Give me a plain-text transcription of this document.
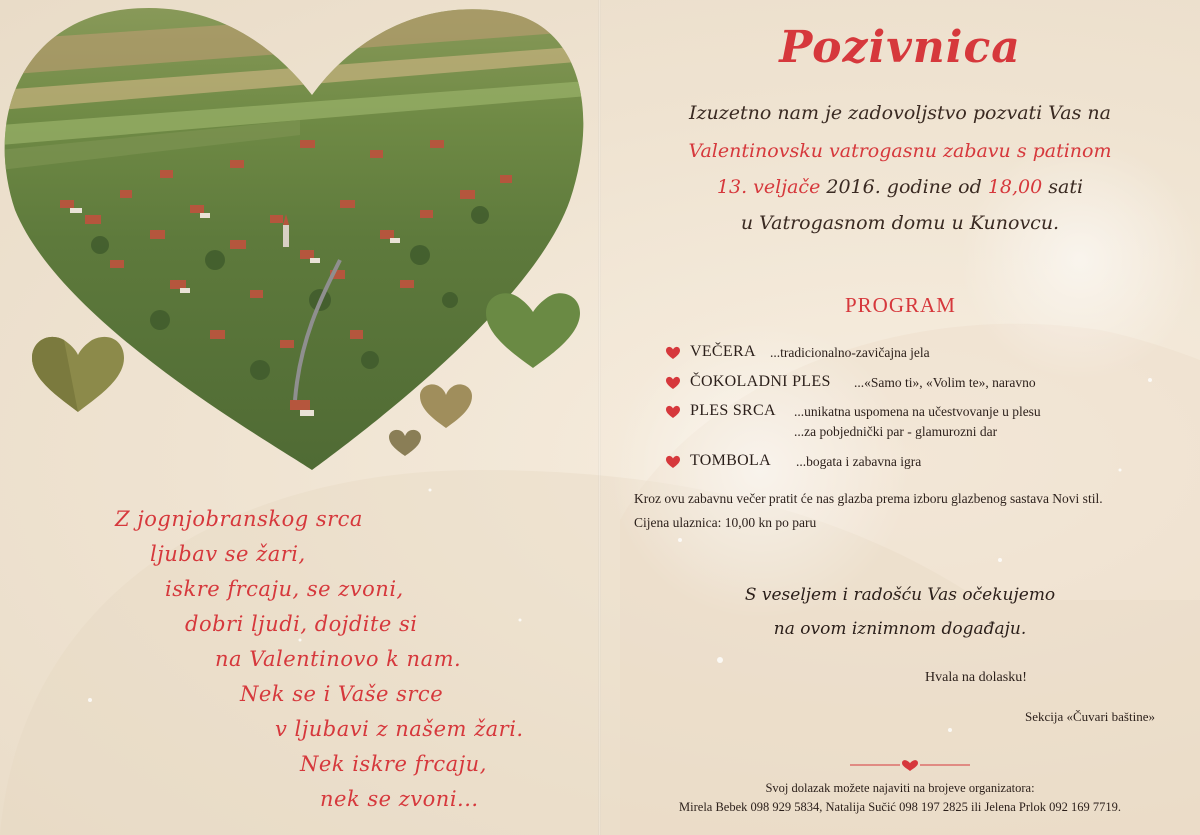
Z jognjobranskog srca
ljubav se žari,
iskre frcaju, se zvoni,
dobri ljudi, dojdite si
na Valentinovo k nam.
Nek se i Vaše srce
v ljubavi z našem žari.
Nek iskre frcaju,
nek se zvoni...
Pozivnica
Izuzetno nam je zadovoljstvo pozvati Vas na
Valentinovsku vatrogasnu zabavu s patinom
13. veljače 2016. godine od 18,00 sati
u Vatrogasnom domu u Kunovcu.
PROGRAM
VEČERA ...tradicionalno-zavičajna jela
ČOKOLADNI PLES ...«Samo ti», «Volim te», naravno
PLES SRCA ...unikatna uspomena na učestvovanje u plesu
...za pobjednički par - glamurozni dar
TOMBOLA ...bogata i zabavna igra
Kroz ovu zabavnu večer pratit će nas glazba prema izboru glazbenog sastava Novi stil.
Cijena ulaznica: 10,00 kn po paru
S veseljem i radošću Vas očekujemo
na ovom iznimnom događaju.
Hvala na dolasku!
Sekcija «Čuvari baštine»
Svoj dolazak možete najaviti na brojeve organizatora:
Mirela Bebek 098 929 5834, Natalija Sučić 098 197 2825 ili Jelena Prlok 092 169 7719.
